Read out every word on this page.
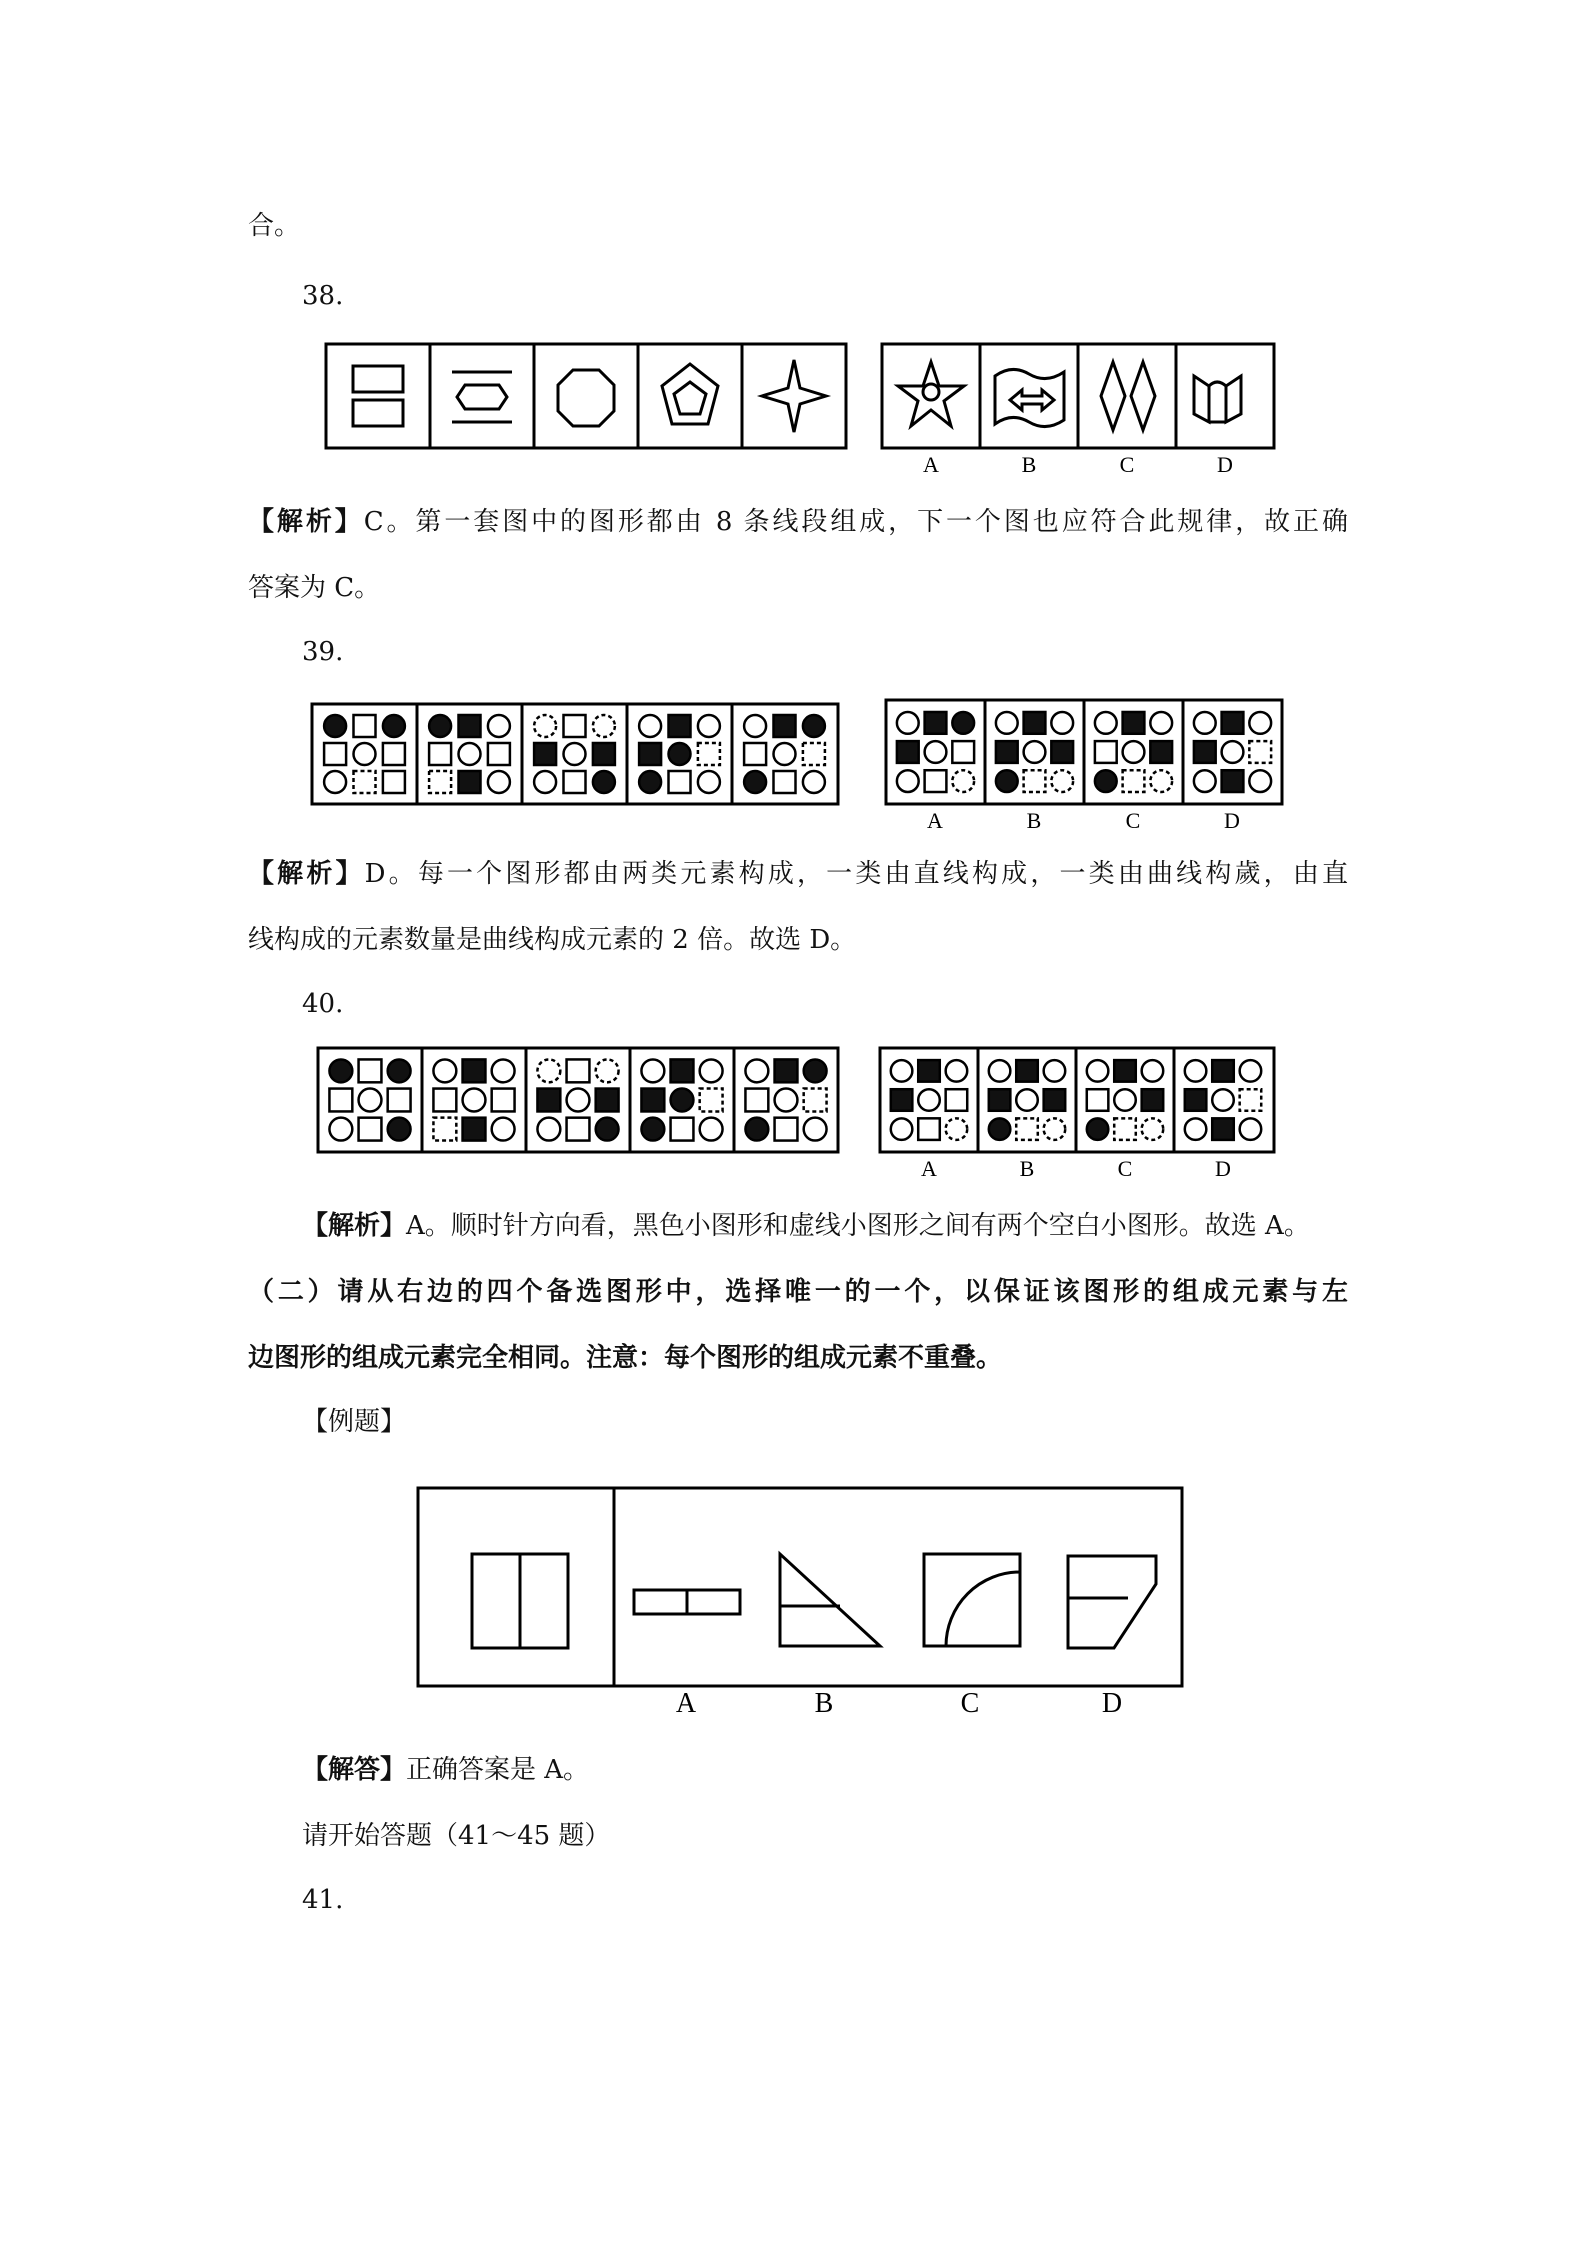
合。
38.
A	B	C	D
【解析】C。第一套图中的图形都由 8 条线段组成，下一个图也应符合此规律，故正确
答案为 C。
39.
A	B	C	D
【解析】D。每一个图形都由两类元素构成，一类由直线构成，一类由曲线构歲，由直
线构成的元素数量是曲线构成元素的 2 倍。故选 D。
40.
A	B	C	D
【解析】A。顺时针方向看，黑色小图形和虚线小图形之间有两个空白小图形。故选 A。
（二）请从右边的四个备选图形中，选择唯一的一个，以保证该图形的组成元素与左
边图形的组成元素完全相同。注意：每个图形的组成元素不重叠。
【例题】
A	B	C	D
【解答】正确答案是 A。
请开始答题（41～45 题）
41.
